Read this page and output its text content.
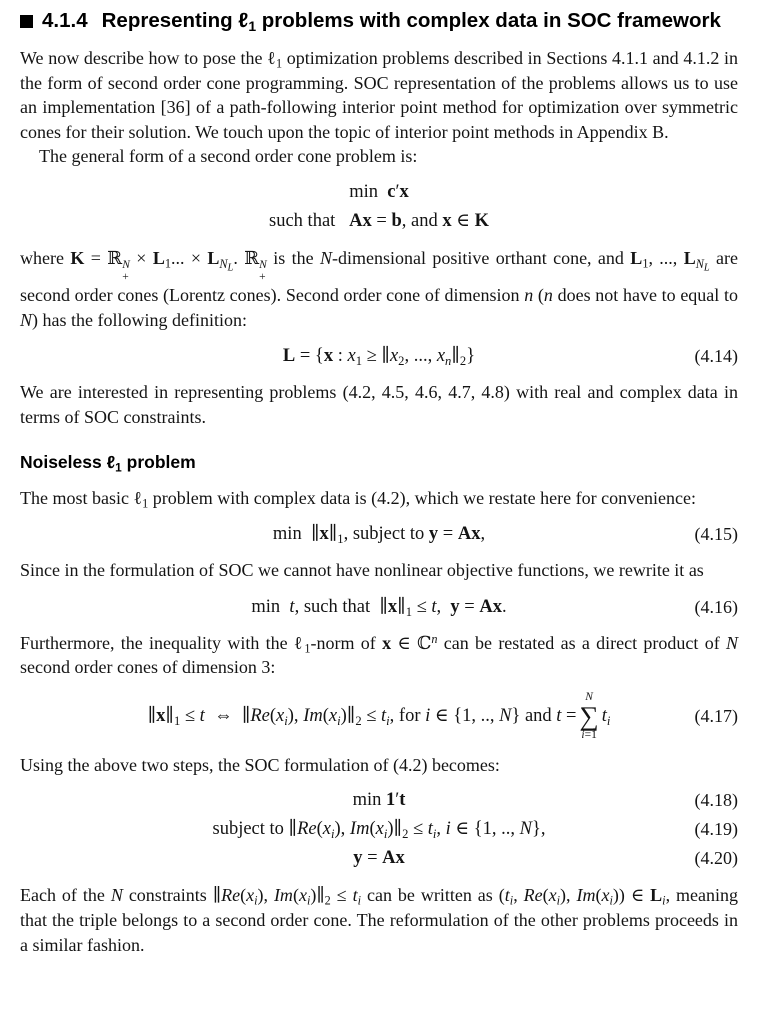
4.1.4 Representing ℓ$_1$ problems with complex data in SOC framework

We now describe how to pose the ℓ$_1$ optimization problems described in Sections 4.1.1 and 4.1.2 in the form of second order cone programming. SOC representation of the problems allows us to use an implementation [36] of a path-following interior point method for optimization over symmetric cones for their solution. We touch upon the topic of interior point methods in Appendix B.

The general form of a second order cone problem is:

min  c′x
such that   Ax = b, and x ∈ K

where K = ℝ N
+
× $L_1$... × $L_{N_L}$. ℝ N
+
is the N-dimensional positive orthant cone, and $L_1$, ..., $L_{N_L}$ are second order cones (Lorentz cones). Second order cone of dimension n (n does not have to equal to N) has the following definition:

L = {x : $x_1$ ≥ $\parallel x_2$, ..., $x_n\parallel_2$}	(4.14)

We are interested in representing problems (4.2, 4.5, 4.6, 4.7, 4.8) with real and complex data in terms of SOC constraints.

Noiseless ℓ$_1$ problem

The most basic ℓ$_1$ problem with complex data is (4.2), which we restate here for convenience:

$\min \parallel x\parallel_1$, subject to y = Ax,	(4.15)

Since in the formulation of SOC we cannot have nonlinear objective functions, we rewrite it as

min  t, such that  $\parallel x\parallel_1 \le t$,  y = Ax.	(4.16)

Furthermore, the inequality with the ℓ$_1$-norm of x ∈ ℂ$^n$ can be restated as a direct product of N second order cones of dimension 3:

$\parallel x\parallel_1 \le t$  ⇔  $\parallel Re(x_i)$, $Im(x_i)\parallel_2 \le t_i$, for i ∈ {1, .., N} and t =
N
∑
i=1
$t_i$	(4.17)

Using the above two steps, the SOC formulation of (4.2) becomes:

min 1′t	(4.18)
subject to $\parallel Re(x_i)$, $Im(x_i)\parallel_2 \le t_i$, i ∈ {1, .., N},	(4.19)
y = Ax	(4.20)

Each of the N constraints $\parallel Re(x_i)$, $Im(x_i)\parallel_2 \le t_i$ can be written as ($t_i$, $Re(x_i)$, $Im(x_i)$) ∈ $L_i$, meaning that the triple belongs to a second order cone. The reformulation of the other problems proceeds in a similar fashion.
